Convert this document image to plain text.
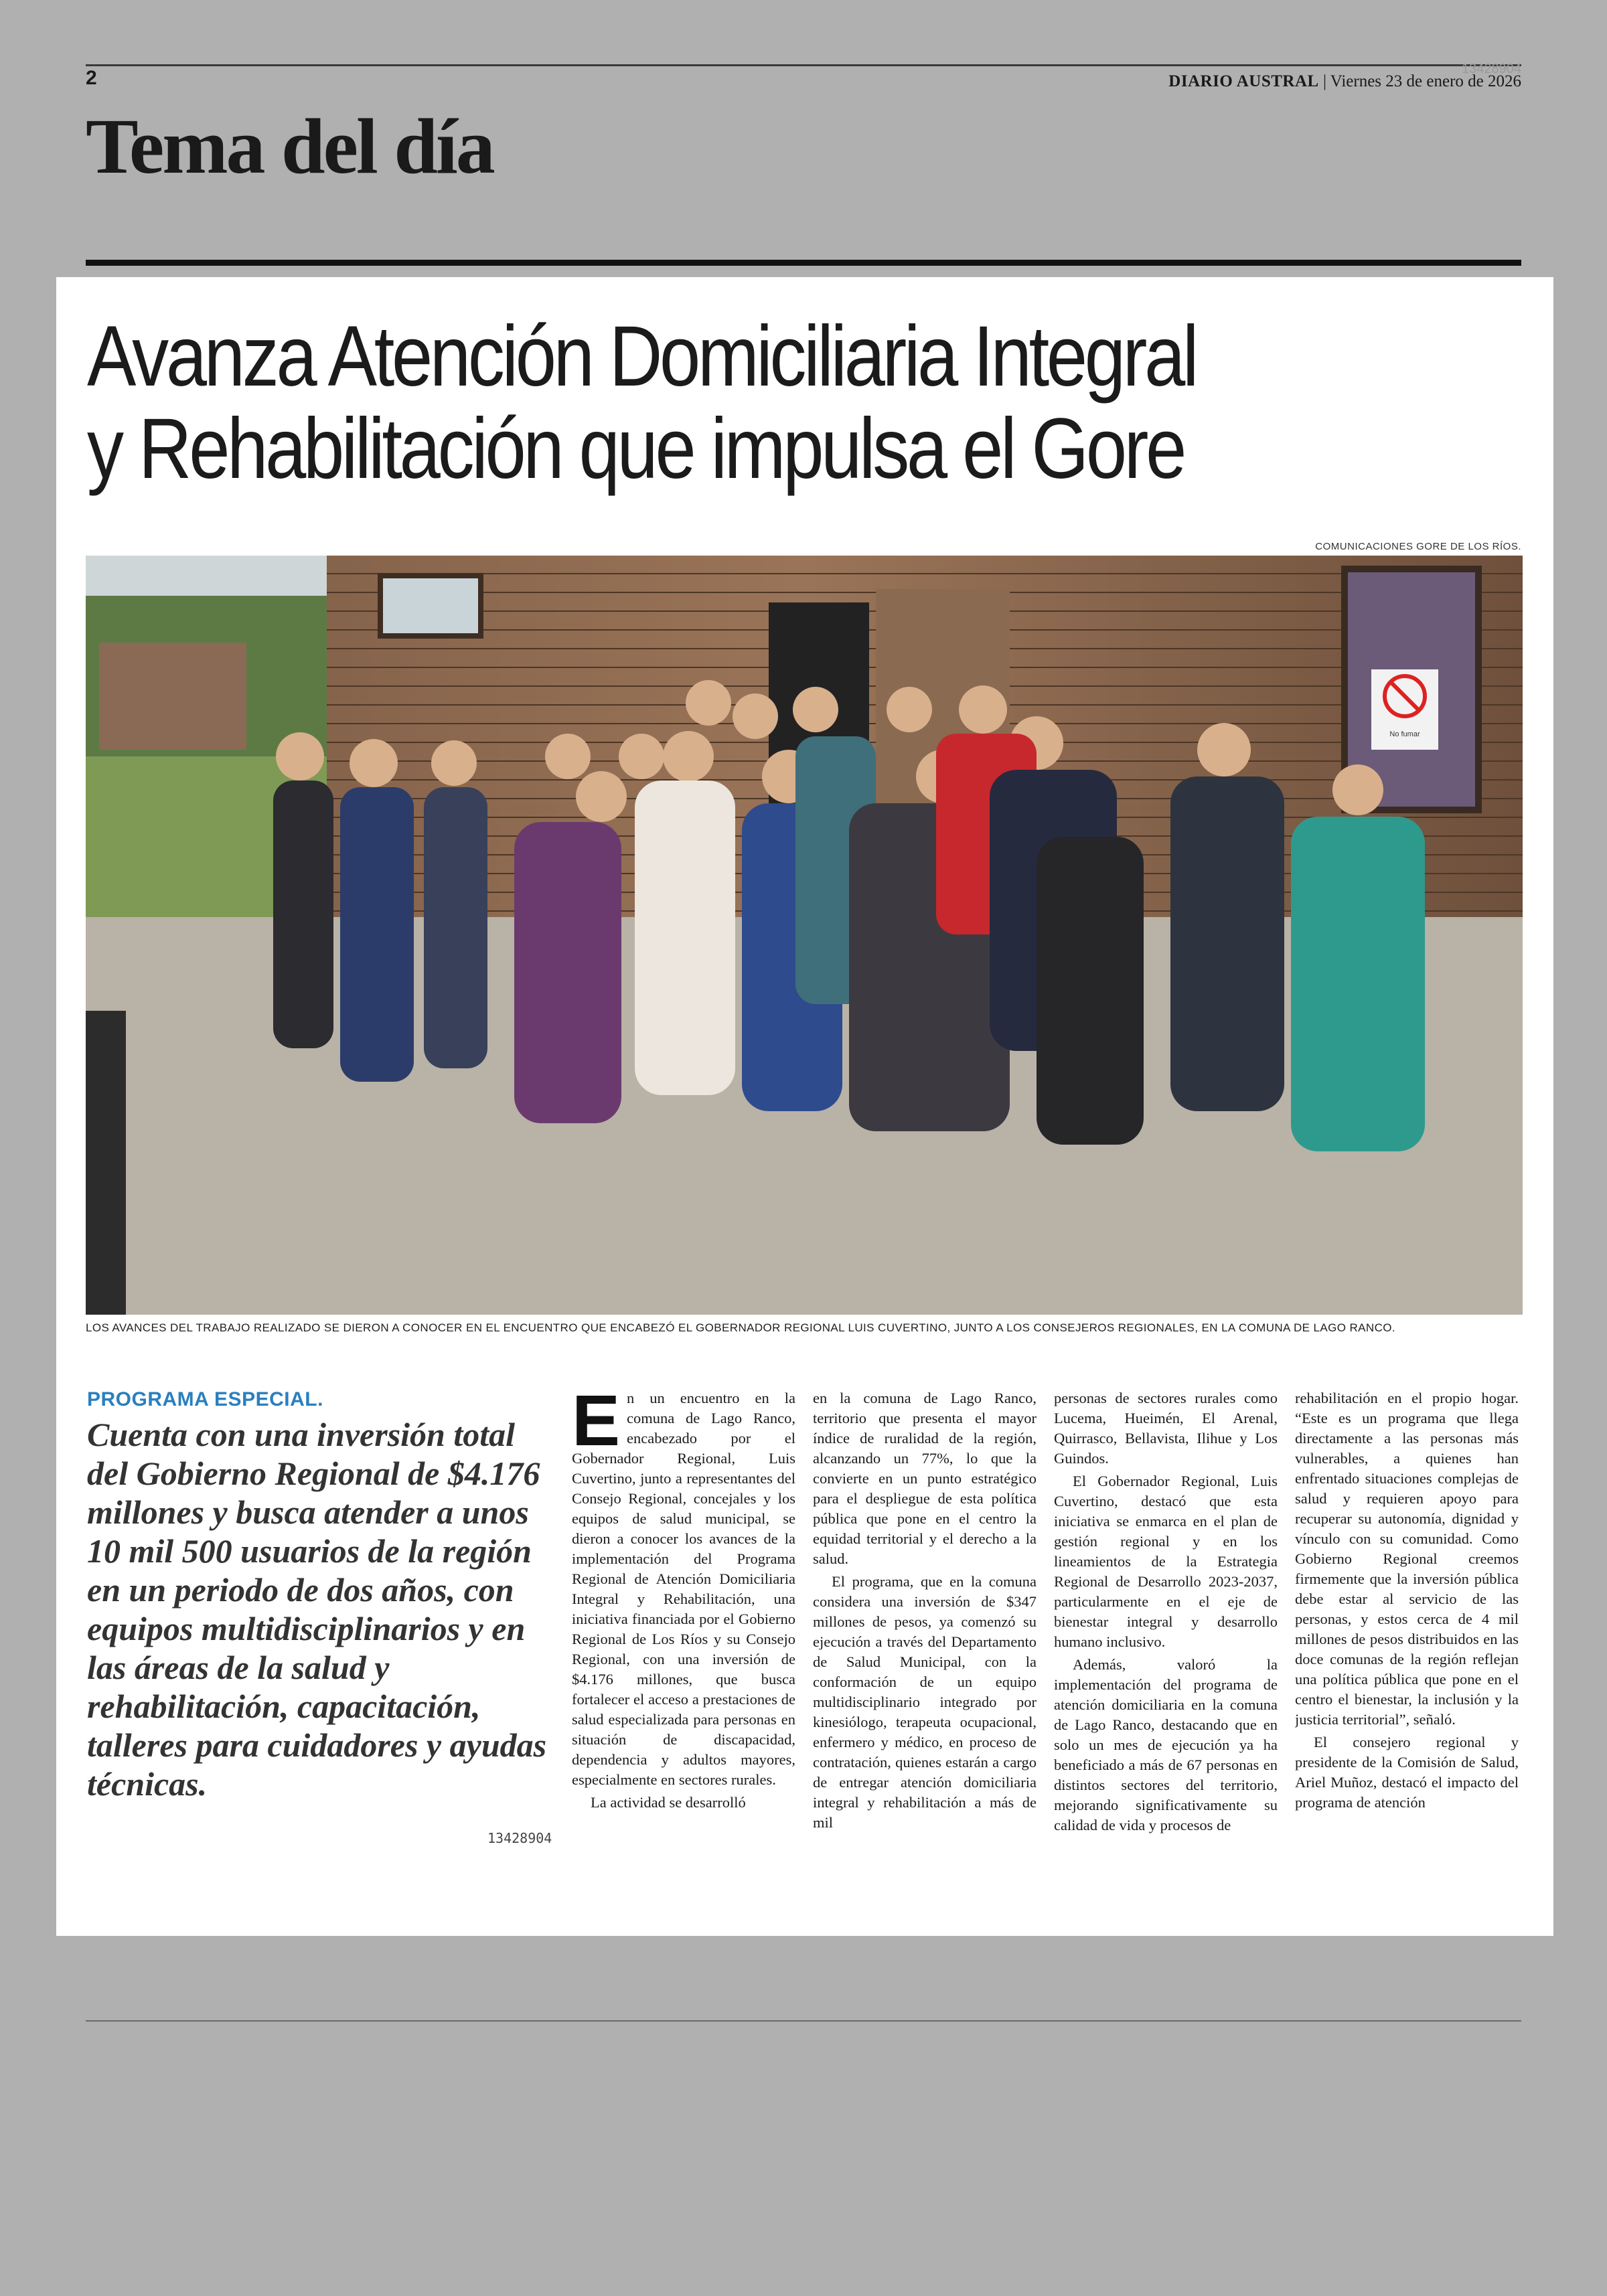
2	13428904
DIARIO AUSTRAL | Viernes 23 de enero de 2026
Tema del día
Avanza Atención Domiciliaria Integral
y Rehabilitación que impulsa el Gore
COMUNICACIONES GORE DE LOS RÍOS.
No fumar
LOS AVANCES DEL TRABAJO REALIZADO SE DIERON A CONOCER EN EL ENCUENTRO QUE ENCABEZÓ EL GOBERNADOR REGIONAL LUIS CUVERTINO, JUNTO A LOS CONSEJEROS REGIONALES, EN LA COMUNA DE LAGO RANCO.
PROGRAMA ESPECIAL.
Cuenta con una inversión total del Gobierno Regional de $4.176 millones y busca atender a unos 10 mil 500 usuarios de la región en un periodo de dos años, con equipos multidisciplinarios y en las áreas de la salud y rehabilitación, capacitación, talleres para cuidadores y ayudas técnicas.
13428904

En un encuentro en la comuna de Lago Ranco, encabezado por el Gobernador Regional, Luis Cuvertino, junto a representantes del Consejo Regional, concejales y los equipos de salud municipal, se dieron a conocer los avances de la implementación del Programa Regional de Atención Domiciliaria Integral y Rehabilitación, una iniciativa financiada por el Gobierno Regional de Los Ríos y su Consejo Regional, con una inversión de $4.176 millones, que busca fortalecer el acceso a prestaciones de salud especializada para personas en situación de discapacidad, dependencia y adultos mayores, especialmente en sectores rurales.

La actividad se desarrolló

en la comuna de Lago Ranco, territorio que presenta el mayor índice de ruralidad de la región, alcanzando un 77%, lo que la convierte en un punto estratégico para el despliegue de esta política pública que pone en el centro la equidad territorial y el derecho a la salud.

El programa, que en la comuna considera una inversión de $347 millones de pesos, ya comenzó su ejecución a través del Departamento de Salud Municipal, con la conformación de un equipo multidisciplinario integrado por kinesiólogo, terapeuta ocupacional, enfermero y médico, en proceso de contratación, quienes estarán a cargo de entregar atención domiciliaria integral y rehabilitación a más de mil

personas de sectores rurales como Lucema, Hueimén, El Arenal, Quirrasco, Bellavista, Ilihue y Los Guindos.

El Gobernador Regional, Luis Cuvertino, destacó que esta iniciativa se enmarca en el plan de gestión regional y en los lineamientos de la Estrategia Regional de Desarrollo 2023-2037, particularmente en el eje de bienestar integral y desarrollo humano inclusivo.

Además, valoró la implementación del programa de atención domiciliaria en la comuna de Lago Ranco, destacando que en solo un mes de ejecución ya ha beneficiado a más de 67 personas en distintos sectores del territorio, mejorando significativamente su calidad de vida y procesos de

rehabilitación en el propio hogar. “Este es un programa que llega directamente a las personas más vulnerables, a quienes han enfrentado situaciones complejas de salud y requieren apoyo para recuperar su autonomía, dignidad y vínculo con su comunidad. Como Gobierno Regional creemos firmemente que la inversión pública debe estar al servicio de las personas, y estos cerca de 4 mil millones de pesos distribuidos en las doce comunas de la región reflejan una política pública que pone en el centro el bienestar, la inclusión y la justicia territorial”, señaló.

El consejero regional y presidente de la Comisión de Salud, Ariel Muñoz, destacó el impacto del programa de atención
